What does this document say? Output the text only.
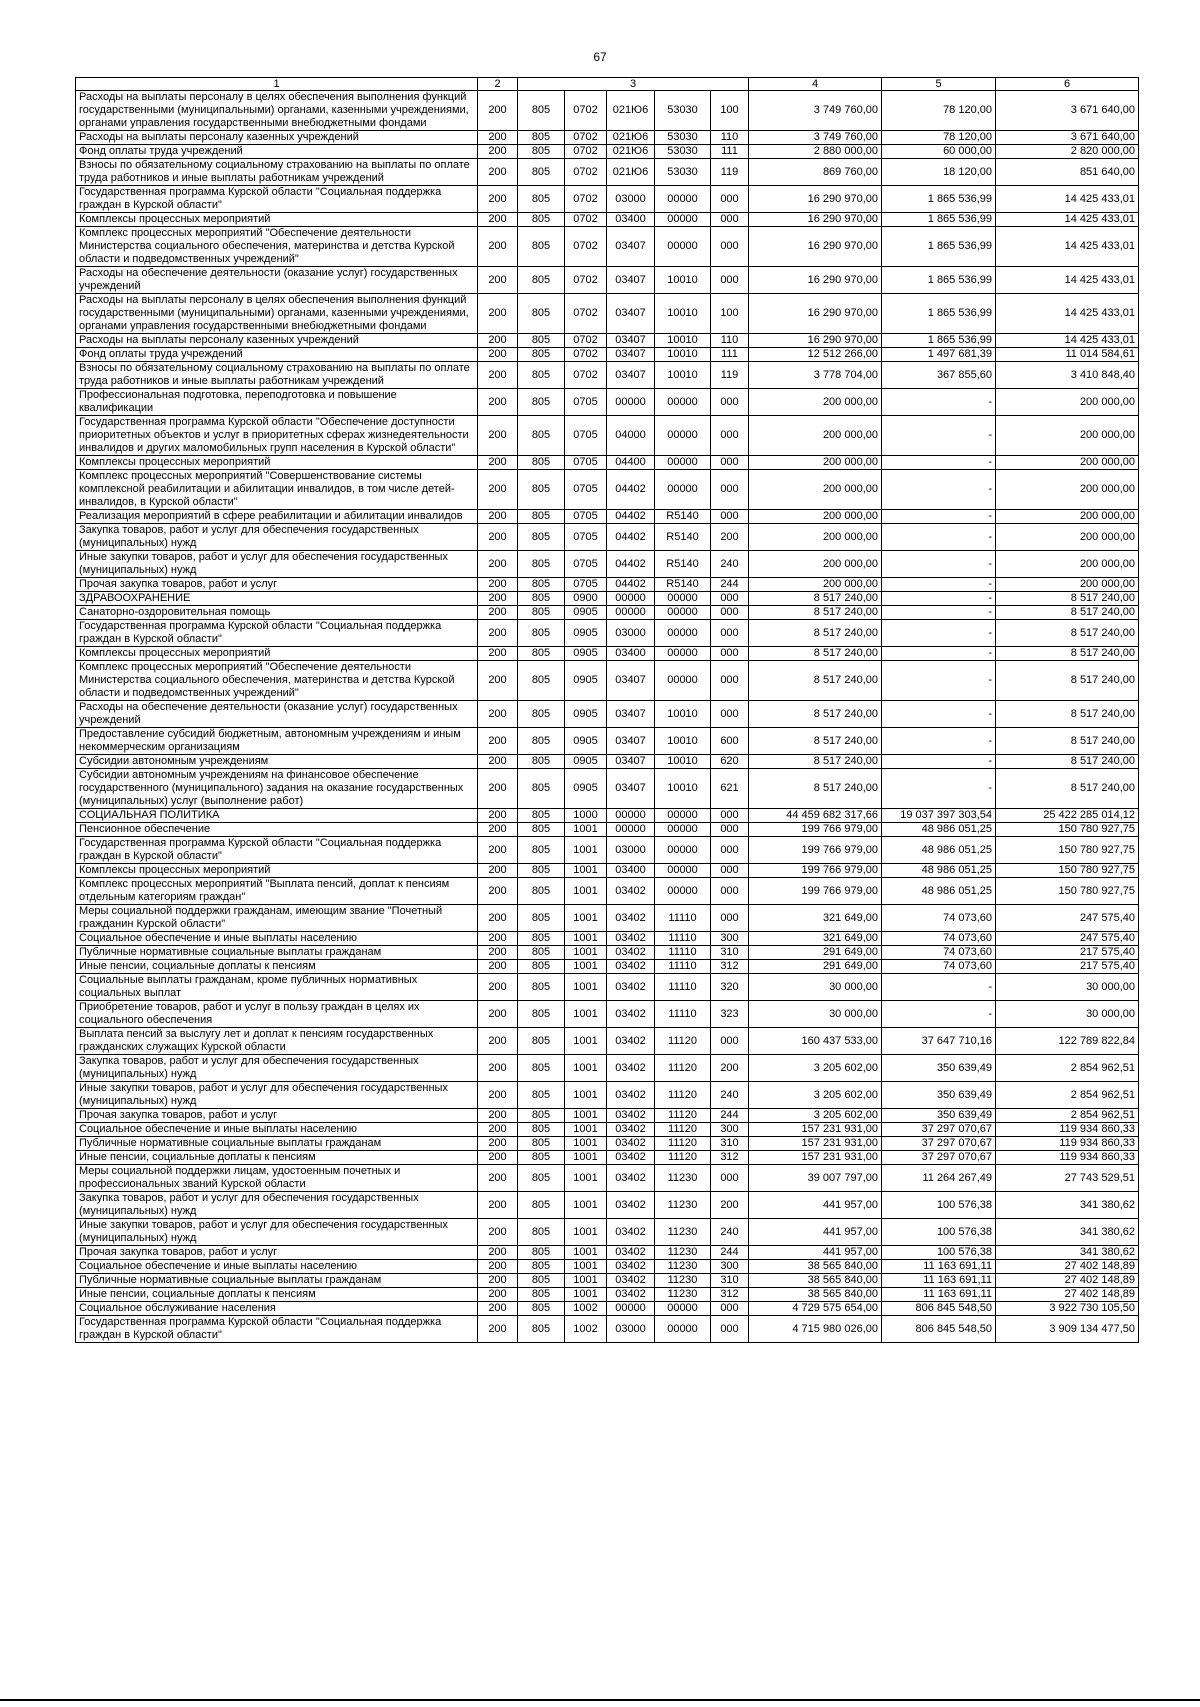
67
1	2	3					4	5	6
Расходы на выплаты персоналу в целях обеспечения выполнения функций государственными (муниципальными) органами, казенными учреждениями, органами управления государственными внебюджетными фондами	200	805	0702	021Ю6	53030	100	3 749 760,00	78 120,00	3 671 640,00
Расходы на выплаты персоналу казенных учреждений	200	805	0702	021Ю6	53030	110	3 749 760,00	78 120,00	3 671 640,00
Фонд оплаты труда учреждений	200	805	0702	021Ю6	53030	111	2 880 000,00	60 000,00	2 820 000,00
Взносы по обязательному социальному страхованию на выплаты по оплате труда работников и иные выплаты работникам учреждений	200	805	0702	021Ю6	53030	119	869 760,00	18 120,00	851 640,00
Государственная программа Курской области "Социальная поддержка граждан в Курской области"	200	805	0702	03000	00000	000	16 290 970,00	1 865 536,99	14 425 433,01
Комплексы процессных мероприятий	200	805	0702	03400	00000	000	16 290 970,00	1 865 536,99	14 425 433,01
Комплекс процессных мероприятий "Обеспечение деятельности Министерства социального обеспечения, материнства и детства Курской области и подведомственных учреждений"	200	805	0702	03407	00000	000	16 290 970,00	1 865 536,99	14 425 433,01
Расходы на обеспечение деятельности (оказание услуг) государственных учреждений	200	805	0702	03407	10010	000	16 290 970,00	1 865 536,99	14 425 433,01
Расходы на выплаты персоналу в целях обеспечения выполнения функций государственными (муниципальными) органами, казенными учреждениями, органами управления государственными внебюджетными фондами	200	805	0702	03407	10010	100	16 290 970,00	1 865 536,99	14 425 433,01
Расходы на выплаты персоналу казенных учреждений	200	805	0702	03407	10010	110	16 290 970,00	1 865 536,99	14 425 433,01
Фонд оплаты труда учреждений	200	805	0702	03407	10010	111	12 512 266,00	1 497 681,39	11 014 584,61
Взносы по обязательному социальному страхованию на выплаты по оплате труда работников и иные выплаты работникам учреждений	200	805	0702	03407	10010	119	3 778 704,00	367 855,60	3 410 848,40
Профессиональная подготовка, переподготовка и повышение квалификации	200	805	0705	00000	00000	000	200 000,00	-	200 000,00
Государственная программа Курской области "Обеспечение доступности приоритетных объектов и услуг в приоритетных сферах жизнедеятельности инвалидов и других маломобильных групп населения в Курской области"	200	805	0705	04000	00000	000	200 000,00	-	200 000,00
Комплексы процессных мероприятий	200	805	0705	04400	00000	000	200 000,00	-	200 000,00
Комплекс процессных мероприятий "Совершенствование системы комплексной реабилитации и абилитации инвалидов, в том числе детей-инвалидов, в Курской области"	200	805	0705	04402	00000	000	200 000,00	-	200 000,00
Реализация мероприятий в сфере реабилитации и абилитации инвалидов	200	805	0705	04402	R5140	000	200 000,00	-	200 000,00
Закупка товаров, работ и услуг для обеспечения государственных (муниципальных) нужд	200	805	0705	04402	R5140	200	200 000,00	-	200 000,00
Иные закупки товаров, работ и услуг для обеспечения государственных (муниципальных) нужд	200	805	0705	04402	R5140	240	200 000,00	-	200 000,00
Прочая закупка товаров, работ и услуг	200	805	0705	04402	R5140	244	200 000,00	-	200 000,00
ЗДРАВООХРАНЕНИЕ	200	805	0900	00000	00000	000	8 517 240,00	-	8 517 240,00
Санаторно-оздоровительная помощь	200	805	0905	00000	00000	000	8 517 240,00	-	8 517 240,00
Государственная программа Курской области "Социальная поддержка граждан в Курской области"	200	805	0905	03000	00000	000	8 517 240,00	-	8 517 240,00
Комплексы процессных мероприятий	200	805	0905	03400	00000	000	8 517 240,00	-	8 517 240,00
Комплекс процессных мероприятий "Обеспечение деятельности Министерства социального обеспечения, материнства и детства Курской области и подведомственных учреждений"	200	805	0905	03407	00000	000	8 517 240,00	-	8 517 240,00
Расходы на обеспечение деятельности (оказание услуг) государственных учреждений	200	805	0905	03407	10010	000	8 517 240,00	-	8 517 240,00
Предоставление субсидий бюджетным, автономным учреждениям и иным некоммерческим организациям	200	805	0905	03407	10010	600	8 517 240,00	-	8 517 240,00
Субсидии автономным учреждениям	200	805	0905	03407	10010	620	8 517 240,00	-	8 517 240,00
Субсидии автономным учреждениям на финансовое обеспечение государственного (муниципального) задания на оказание государственных (муниципальных) услуг (выполнение работ)	200	805	0905	03407	10010	621	8 517 240,00	-	8 517 240,00
СОЦИАЛЬНАЯ ПОЛИТИКА	200	805	1000	00000	00000	000	44 459 682 317,66	19 037 397 303,54	25 422 285 014,12
Пенсионное обеспечение	200	805	1001	00000	00000	000	199 766 979,00	48 986 051,25	150 780 927,75
Государственная программа Курской области "Социальная поддержка граждан в Курской области"	200	805	1001	03000	00000	000	199 766 979,00	48 986 051,25	150 780 927,75
Комплексы процессных мероприятий	200	805	1001	03400	00000	000	199 766 979,00	48 986 051,25	150 780 927,75
Комплекс процессных мероприятий "Выплата пенсий, доплат к пенсиям отдельным категориям граждан"	200	805	1001	03402	00000	000	199 766 979,00	48 986 051,25	150 780 927,75
Меры социальной поддержки гражданам, имеющим звание "Почетный гражданин Курской области"	200	805	1001	03402	11110	000	321 649,00	74 073,60	247 575,40
Социальное обеспечение и иные выплаты населению	200	805	1001	03402	11110	300	321 649,00	74 073,60	247 575,40
Публичные нормативные социальные выплаты гражданам	200	805	1001	03402	11110	310	291 649,00	74 073,60	217 575,40
Иные пенсии, социальные доплаты к пенсиям	200	805	1001	03402	11110	312	291 649,00	74 073,60	217 575,40
Социальные выплаты гражданам, кроме публичных нормативных социальных выплат	200	805	1001	03402	11110	320	30 000,00	-	30 000,00
Приобретение товаров, работ и услуг в пользу граждан в целях их социального обеспечения	200	805	1001	03402	11110	323	30 000,00	-	30 000,00
Выплата пенсий за выслугу лет и доплат к пенсиям государственных гражданских служащих Курской области	200	805	1001	03402	11120	000	160 437 533,00	37 647 710,16	122 789 822,84
Закупка товаров, работ и услуг для обеспечения государственных (муниципальных) нужд	200	805	1001	03402	11120	200	3 205 602,00	350 639,49	2 854 962,51
Иные закупки товаров, работ и услуг для обеспечения государственных (муниципальных) нужд	200	805	1001	03402	11120	240	3 205 602,00	350 639,49	2 854 962,51
Прочая закупка товаров, работ и услуг	200	805	1001	03402	11120	244	3 205 602,00	350 639,49	2 854 962,51
Социальное обеспечение и иные выплаты населению	200	805	1001	03402	11120	300	157 231 931,00	37 297 070,67	119 934 860,33
Публичные нормативные социальные выплаты гражданам	200	805	1001	03402	11120	310	157 231 931,00	37 297 070,67	119 934 860,33
Иные пенсии, социальные доплаты к пенсиям	200	805	1001	03402	11120	312	157 231 931,00	37 297 070,67	119 934 860,33
Меры социальной поддержки лицам, удостоенным почетных и профессиональных званий Курской области	200	805	1001	03402	11230	000	39 007 797,00	11 264 267,49	27 743 529,51
Закупка товаров, работ и услуг для обеспечения государственных (муниципальных) нужд	200	805	1001	03402	11230	200	441 957,00	100 576,38	341 380,62
Иные закупки товаров, работ и услуг для обеспечения государственных (муниципальных) нужд	200	805	1001	03402	11230	240	441 957,00	100 576,38	341 380,62
Прочая закупка товаров, работ и услуг	200	805	1001	03402	11230	244	441 957,00	100 576,38	341 380,62
Социальное обеспечение и иные выплаты населению	200	805	1001	03402	11230	300	38 565 840,00	11 163 691,11	27 402 148,89
Публичные нормативные социальные выплаты гражданам	200	805	1001	03402	11230	310	38 565 840,00	11 163 691,11	27 402 148,89
Иные пенсии, социальные доплаты к пенсиям	200	805	1001	03402	11230	312	38 565 840,00	11 163 691,11	27 402 148,89
Социальное обслуживание населения	200	805	1002	00000	00000	000	4 729 575 654,00	806 845 548,50	3 922 730 105,50
Государственная программа Курской области "Социальная поддержка граждан в Курской области"	200	805	1002	03000	00000	000	4 715 980 026,00	806 845 548,50	3 909 134 477,50
